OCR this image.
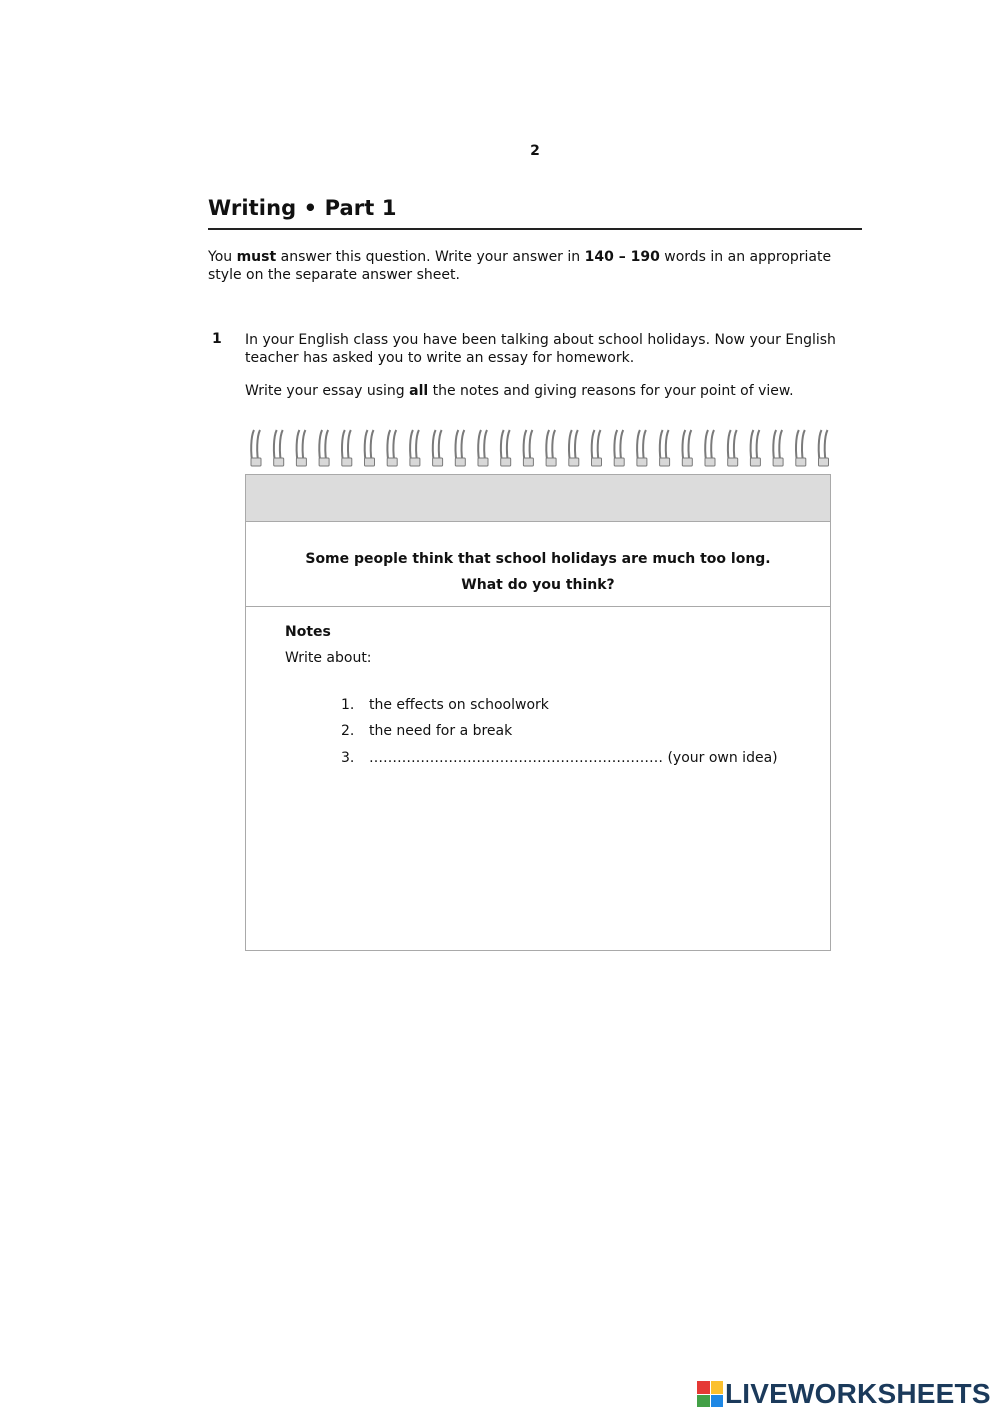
2
Writing • Part 1
You must answer this question. Write your answer in 140 – 190 words in an appropriate style on the separate answer sheet.
1 In your English class you have been talking about school holidays. Now your English teacher has asked you to write an essay for homework.
Write your essay using all the notes and giving reasons for your point of view.
Some people think that school holidays are much too long.
What do you think?
Notes
Write about:
1. the effects on schoolwork
2. the need for a break
3. ……………………………………………………… (your own idea)
LIVEWORKSHEETS
